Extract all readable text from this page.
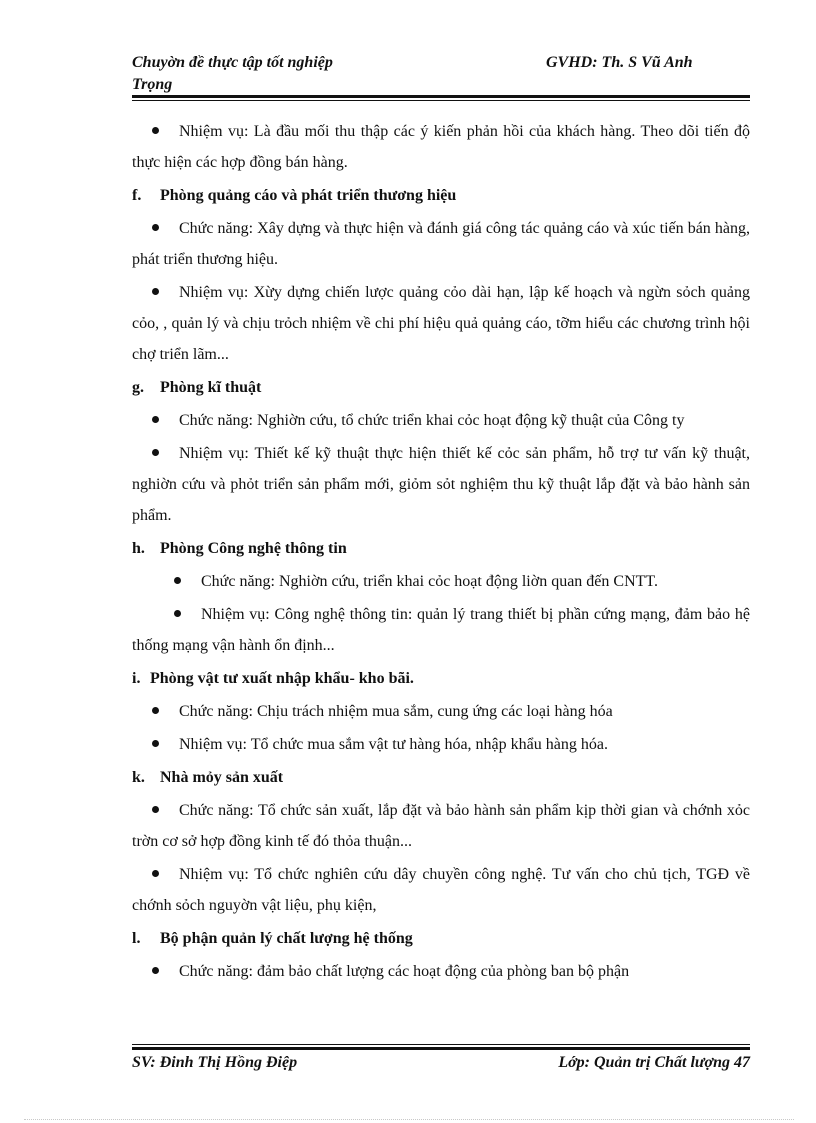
Chuyờn đề thực tập tốt nghiệp
Trọng
GVHD: Th. S Vũ Anh

Nhiệm vụ: Là đầu mối thu thập các ý kiến phản hồi của khách hàng. Theo dõi tiến độ thực hiện các hợp đồng bán hàng.

f. Phòng quảng cáo và phát triển thương hiệu

Chức năng: Xây dựng và thực hiện và đánh giá công tác quảng cáo và xúc tiến bán hàng, phát triển thương hiệu.

Nhiệm vụ: Xừy dựng chiến lược quảng cỏo dài hạn, lập kế hoạch và ngừn sỏch quảng cỏo, , quản lý và chịu trỏch nhiệm về chi phí hiệu quả quảng cáo, tỡm hiểu các chương trình hội chợ triển lãm...

g. Phòng kĩ thuật

Chức năng: Nghiờn cứu, tổ chức triển khai cỏc hoạt động kỹ thuật của Công ty

Nhiệm vụ: Thiết kế kỹ thuật thực hiện thiết kế cỏc sản phẩm, hỗ trợ tư vấn kỹ thuật, nghiờn cứu và phỏt triển sản phẩm mới, giỏm sỏt nghiệm thu kỹ thuật lắp đặt và bảo hành sản phẩm.

h. Phòng Công nghệ thông tin

Chức năng: Nghiờn cứu, triển khai cỏc hoạt động liờn quan đến CNTT.

Nhiệm vụ: Công nghệ thông tin: quản lý trang thiết bị phần cứng mạng, đảm bảo hệ thống mạng vận hành ổn định...

i. Phòng vật tư xuất nhập khẩu- kho bãi.

Chức năng: Chịu trách nhiệm mua sắm, cung ứng các loại hàng hóa

Nhiệm vụ: Tổ chức mua sắm vật tư hàng hóa, nhập khẩu hàng hóa.

k. Nhà mỏy sản xuất

Chức năng: Tổ chức sản xuất, lắp đặt và bảo hành sản phẩm kịp thời gian và chớnh xỏc trờn cơ sở hợp đồng kinh tế đó thỏa thuận...

Nhiệm vụ: Tổ chức nghiên cứu dây chuyền công nghệ. Tư vấn cho chủ tịch, TGĐ về chớnh sỏch nguyờn vật liệu, phụ kiện,

l. Bộ phận quản lý chất lượng hệ thống

Chức năng: đảm bảo chất lượng các hoạt động của phòng ban bộ phận

SV: Đinh Thị Hồng Điệp	Lớp: Quản trị Chất lượng 47
